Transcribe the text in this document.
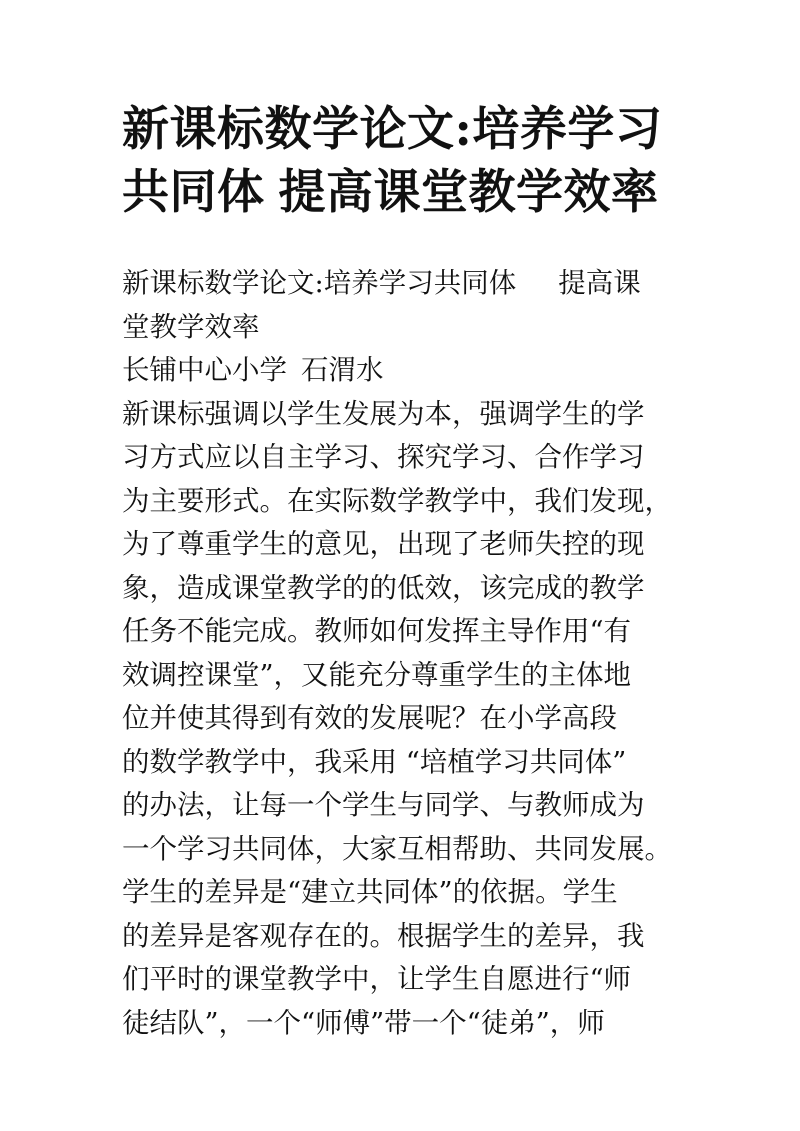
新课标数学论文:培养学习
共同体 提高课堂教学效率
新课标数学论文:培养学习共同体 提高课
堂教学效率
长铺中心小学 石渭水
新课标强调以学生发展为本，强调学生的学
习方式应以自主学习、探究学习、合作学习
为主要形式。在实际数学教学中，我们发现，
为了尊重学生的意见，出现了老师失控的现
象，造成课堂教学的的低效，该完成的教学
任务不能完成。教师如何发挥主导作用“有
效调控课堂”，又能充分尊重学生的主体地
位并使其得到有效的发展呢？在小学高段
的数学教学中，我采用 “培植学习共同体”
的办法，让每一个学生与同学、与教师成为
一个学习共同体，大家互相帮助、共同发展。
学生的差异是“建立共同体”的依据。学生
的差异是客观存在的。根据学生的差异，我
们平时的课堂教学中，让学生自愿进行“师
徒结队”，一个“师傅”带一个“徒弟”，师
